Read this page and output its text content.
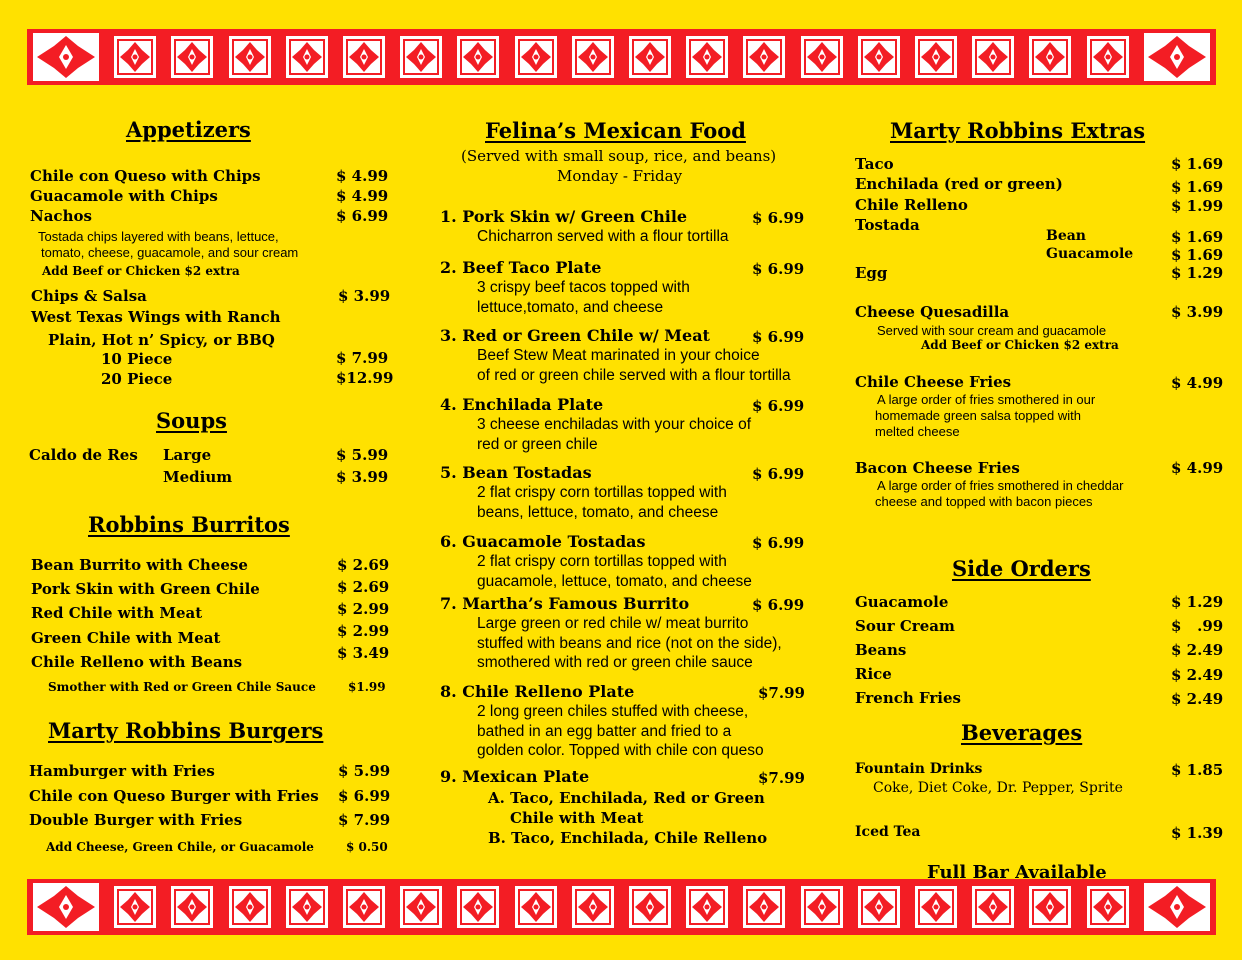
Appetizers
Chile con Queso with Chips	$ 4.99
Guacamole with Chips	$ 4.99
Nachos	$ 6.99
Tostada chips layered with beans, lettuce,
tomato, cheese, guacamole, and sour cream
Add Beef or Chicken $2 extra
Chips & Salsa	$ 3.99
West Texas Wings with Ranch
Plain, Hot n’ Spicy, or BBQ
10 Piece	$ 7.99
20 Piece	$12.99
Soups
Caldo de Res Large	$ 5.99
Medium	$ 3.99
Robbins Burritos
Bean Burrito with Cheese	$ 2.69
Pork Skin with Green Chile	$ 2.69
Red Chile with Meat	$ 2.99
Green Chile with Meat	$ 2.99
Chile Relleno with Beans	$ 3.49
Smother with Red or Green Chile Sauce	$1.99
Marty Robbins Burgers
Hamburger with Fries	$ 5.99
Chile con Queso Burger with Fries $ 6.99
Double Burger with Fries	$ 7.99
Add Cheese, Green Chile, or Guacamole	$ 0.50
Felina’s Mexican Food
(Served with small soup, rice, and beans)
Monday - Friday
1. Pork Skin w/ Green Chile	$ 6.99
Chicharron served with a flour tortilla
2. Beef Taco Plate	$ 6.99
3 crispy beef tacos topped with
lettuce,tomato, and cheese
3. Red or Green Chile w/ Meat	$ 6.99
Beef Stew Meat marinated in your choice
of red or green chile served with a flour tortilla
4. Enchilada Plate	$ 6.99
3 cheese enchiladas with your choice of
red or green chile
5. Bean Tostadas	$ 6.99
2 flat crispy corn tortillas topped with
beans, lettuce, tomato, and cheese
6. Guacamole Tostadas	$ 6.99
2 flat crispy corn tortillas topped with
guacamole, lettuce, tomato, and cheese
7. Martha’s Famous Burrito	$ 6.99
Large green or red chile w/ meat burrito
stuffed with beans and rice (not on the side),
smothered with red or green chile sauce
8. Chile Relleno Plate	$7.99
2 long green chiles stuffed with cheese,
bathed in an egg batter and fried to a
golden color. Topped with chile con queso
9. Mexican Plate	$7.99
A. Taco, Enchilada, Red or Green
Chile with Meat
B. Taco, Enchilada, Chile Relleno
Marty Robbins Extras
Taco	$ 1.69
Enchilada (red or green)	$ 1.69
Chile Relleno	$ 1.99
Tostada
Bean	$ 1.69
Guacamole	$ 1.69
Egg	$ 1.29
Cheese Quesadilla	$ 3.99
Served with sour cream and guacamole
Add Beef or Chicken $2 extra
Chile Cheese Fries	$ 4.99
A large order of fries smothered in our
homemade green salsa topped with
melted cheese
Bacon Cheese Fries	$ 4.99
A large order of fries smothered in cheddar
cheese and topped with bacon pieces
Side Orders
Guacamole	$ 1.29
Sour Cream	$   .99
Beans	$ 2.49
Rice	$ 2.49
French Fries	$ 2.49
Beverages
Fountain Drinks	$ 1.85
Coke, Diet Coke, Dr. Pepper, Sprite
Iced Tea	$ 1.39
Full Bar Available
